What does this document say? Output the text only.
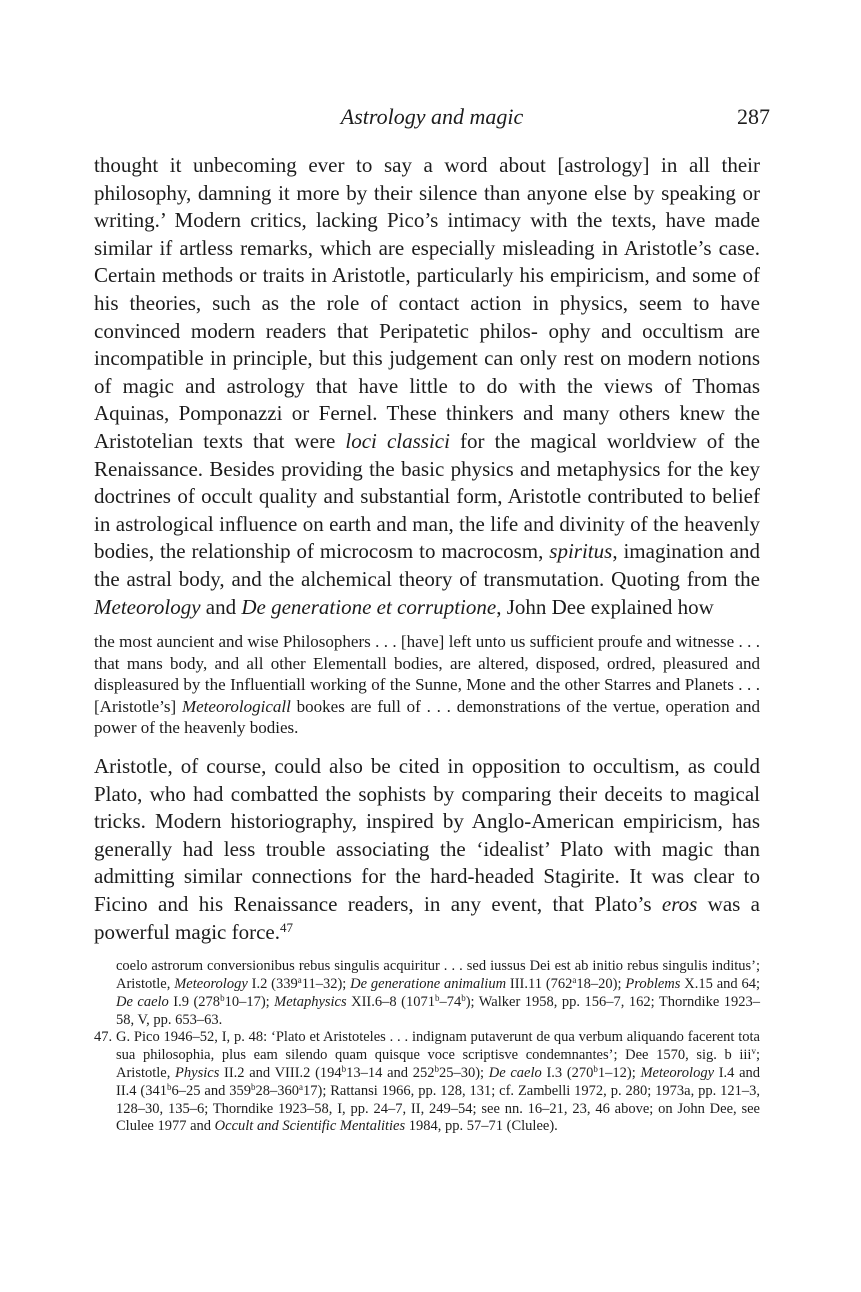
Astrology and magic	287

thought it unbecoming ever to say a word about [astrology] in all their philosophy, damning it more by their silence than anyone else by speaking or writing.’ Modern critics, lacking Pico’s intimacy with the texts, have made similar if artless remarks, which are especially misleading in Aristotle’s case. Certain methods or traits in Aristotle, particularly his empiricism, and some of his theories, such as the role of contact action in physics, seem to have convinced modern readers that Peripatetic philos- ophy and occultism are incompatible in principle, but this judgement can only rest on modern notions of magic and astrology that have little to do with the views of Thomas Aquinas, Pomponazzi or Fernel. These thinkers and many others knew the Aristotelian texts that were loci classici for the magical worldview of the Renaissance. Besides providing the basic physics and metaphysics for the key doctrines of occult quality and substantial form, Aristotle contributed to belief in astrological influence on earth and man, the life and divinity of the heavenly bodies, the relationship of microcosm to macrocosm, spiritus, imagination and the astral body, and the alchemical theory of transmutation. Quoting from the Meteorology and De generatione et corruptione, John Dee explained how

the most auncient and wise Philosophers . . . [have] left unto us sufficient proufe and witnesse . . . that mans body, and all other Elementall bodies, are altered, disposed, ordred, pleasured and displeasured by the Influentiall working of the Sunne, Mone and the other Starres and Planets . . . [Aristotle’s] Meteorologicall bookes are full of . . . demonstrations of the vertue, operation and power of the heavenly bodies.

Aristotle, of course, could also be cited in opposition to occultism, as could Plato, who had combatted the sophists by comparing their deceits to magical tricks. Modern historiography, inspired by Anglo-American empiricism, has generally had less trouble associating the ‘idealist’ Plato with magic than admitting similar connections for the hard-headed Stagirite. It was clear to Ficino and his Renaissance readers, in any event, that Plato’s eros was a powerful magic force.$^{47}$

coelo astrorum conversionibus rebus singulis acquiritur . . . sed iussus Dei est ab initio rebus singulis inditus’; Aristotle, Meteorology I.2 (339$^a$11–32); De generatione animalium III.11 (762$^a$18–20); Problems X.15 and 64; De caelo I.9 (278$^b$10–17); Metaphysics XII.6–8 (1071$^b$–74$^b$); Walker 1958, pp. 156–7, 162; Thorndike 1923–58, V, pp. 653–63.
47. G. Pico 1946–52, I, p. 48: ‘Plato et Aristoteles . . . indignam putaverunt de qua verbum aliquando facerent tota sua philosophia, plus eam silendo quam quisque voce scriptisve condemnantes’; Dee 1570, sig. b iii$^v$; Aristotle, Physics II.2 and VIII.2 (194$^b$13–14 and 252$^b$25–30); De caelo I.3 (270$^b$1–12); Meteorology I.4 and II.4 (341$^b$6–25 and 359$^b$28–360$^a$17); Rattansi 1966, pp. 128, 131; cf. Zambelli 1972, p. 280; 1973a, pp. 121–3, 128–30, 135–6; Thorndike 1923–58, I, pp. 24–7, II, 249–54; see nn. 16–21, 23, 46 above; on John Dee, see Clulee 1977 and Occult and Scientific Mentalities 1984, pp. 57–71 (Clulee).
